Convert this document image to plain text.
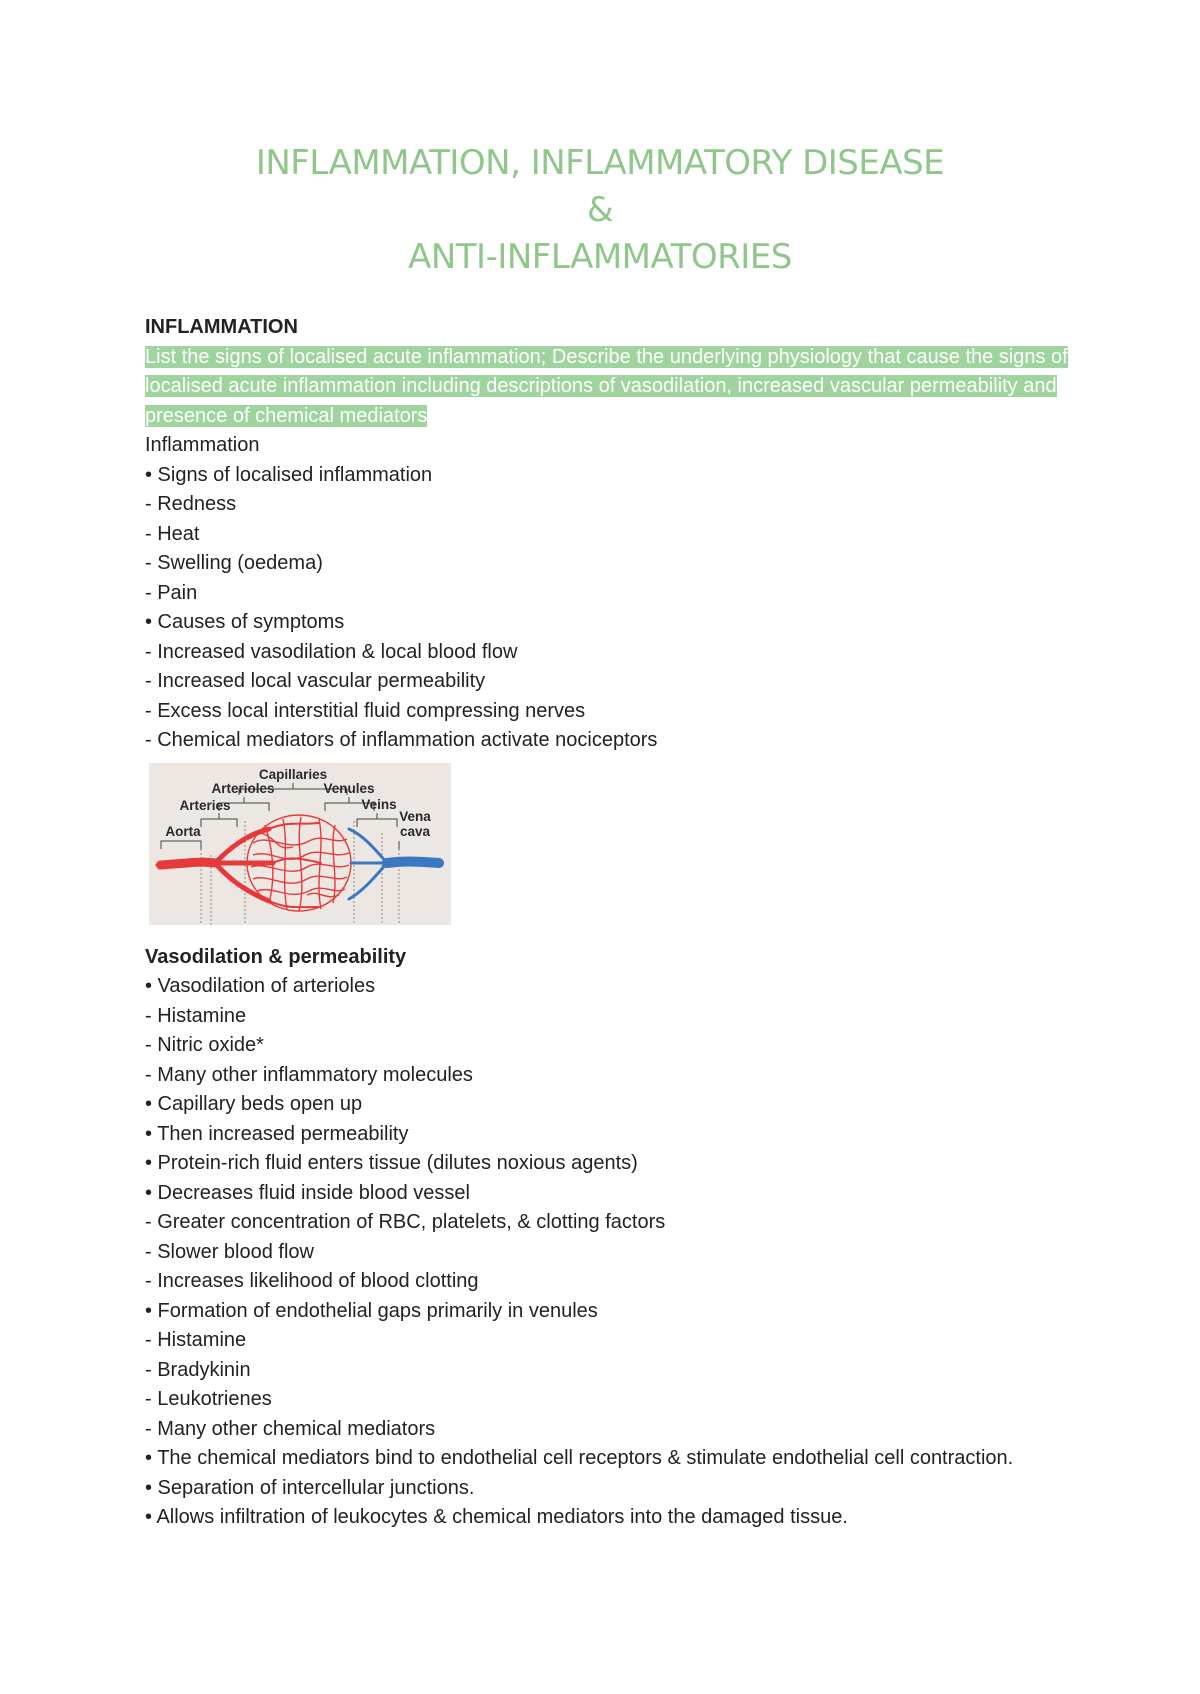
INFLAMMATION, INFLAMMATORY DISEASE
&
ANTI-INFLAMMATORIES
INFLAMMATION
List the signs of localised acute inflammation; Describe the underlying physiology that cause the signs of localised acute inflammation including descriptions of vasodilation, increased vascular permeability and presence of chemical mediators
Inflammation
• Signs of localised inflammation
- Redness
- Heat
- Swelling (oedema)
- Pain
• Causes of symptoms
- Increased vasodilation & local blood flow
- Increased local vascular permeability
- Excess local interstitial fluid compressing nerves
- Chemical mediators of inflammation activate nociceptors
Capillaries
Arterioles	Venules
Arteries	Veins
Vena
cava
Aorta
Vasodilation & permeability
• Vasodilation of arterioles
- Histamine
- Nitric oxide*
- Many other inflammatory molecules
• Capillary beds open up
• Then increased permeability
• Protein-rich fluid enters tissue (dilutes noxious agents)
• Decreases fluid inside blood vessel
- Greater concentration of RBC, platelets, & clotting factors
- Slower blood flow
- Increases likelihood of blood clotting
• Formation of endothelial gaps primarily in venules
- Histamine
- Bradykinin
- Leukotrienes
- Many other chemical mediators
• The chemical mediators bind to endothelial cell receptors & stimulate endothelial cell contraction.
• Separation of intercellular junctions.
• Allows infiltration of leukocytes & chemical mediators into the damaged tissue.
